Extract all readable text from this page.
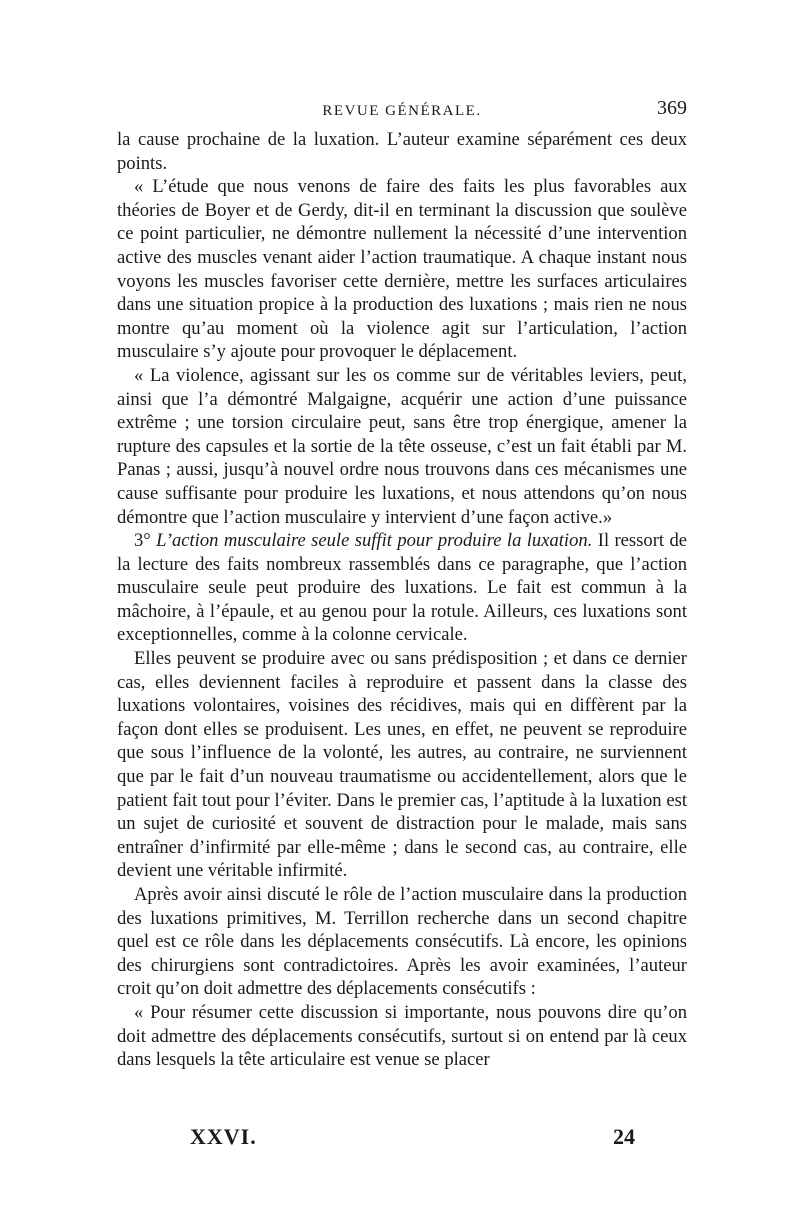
REVUE GÉNÉRALE.	369

la cause prochaine de la luxation. L’auteur examine séparément ces deux points.

« L’étude que nous venons de faire des faits les plus favorables aux théories de Boyer et de Gerdy, dit-il en terminant la discussion que soulève ce point particulier, ne démontre nullement la nécessité d’une intervention active des muscles venant aider l’action traumatique. A chaque instant nous voyons les muscles favoriser cette dernière, mettre les surfaces articulaires dans une situation propice à la production des luxations ; mais rien ne nous montre qu’au moment où la violence agit sur l’articulation, l’action musculaire s’y ajoute pour provoquer le déplacement.

« La violence, agissant sur les os comme sur de véritables leviers, peut, ainsi que l’a démontré Malgaigne, acquérir une action d’une puissance extrême ; une torsion circulaire peut, sans être trop énergique, amener la rupture des capsules et la sortie de la tête osseuse, c’est un fait établi par M. Panas ; aussi, jusqu’à nouvel ordre nous trouvons dans ces mécanismes une cause suffisante pour produire les luxations, et nous attendons qu’on nous démontre que l’action musculaire y intervient d’une façon active.»

3° L’action musculaire seule suffit pour produire la luxation. Il ressort de la lecture des faits nombreux rassemblés dans ce paragraphe, que l’action musculaire seule peut produire des luxations. Le fait est commun à la mâchoire, à l’épaule, et au genou pour la rotule. Ailleurs, ces luxations sont exceptionnelles, comme à la colonne cervicale.

Elles peuvent se produire avec ou sans prédisposition ; et dans ce dernier cas, elles deviennent faciles à reproduire et passent dans la classe des luxations volontaires, voisines des récidives, mais qui en diffèrent par la façon dont elles se produisent. Les unes, en effet, ne peuvent se reproduire que sous l’influence de la volonté, les autres, au contraire, ne surviennent que par le fait d’un nouveau traumatisme ou accidentellement, alors que le patient fait tout pour l’éviter. Dans le premier cas, l’aptitude à la luxation est un sujet de curiosité et souvent de distraction pour le malade, mais sans entraîner d’infirmité par elle-même ; dans le second cas, au contraire, elle devient une véritable infirmité.

Après avoir ainsi discuté le rôle de l’action musculaire dans la production des luxations primitives, M. Terrillon recherche dans un second chapitre quel est ce rôle dans les déplacements consécutifs. Là encore, les opinions des chirurgiens sont contradictoires. Après les avoir examinées, l’auteur croit qu’on doit admettre des déplacements consécutifs :

« Pour résumer cette discussion si importante, nous pouvons dire qu’on doit admettre des déplacements consécutifs, surtout si on entend par là ceux dans lesquels la tête articulaire est venue se placer

XXVI.	24
